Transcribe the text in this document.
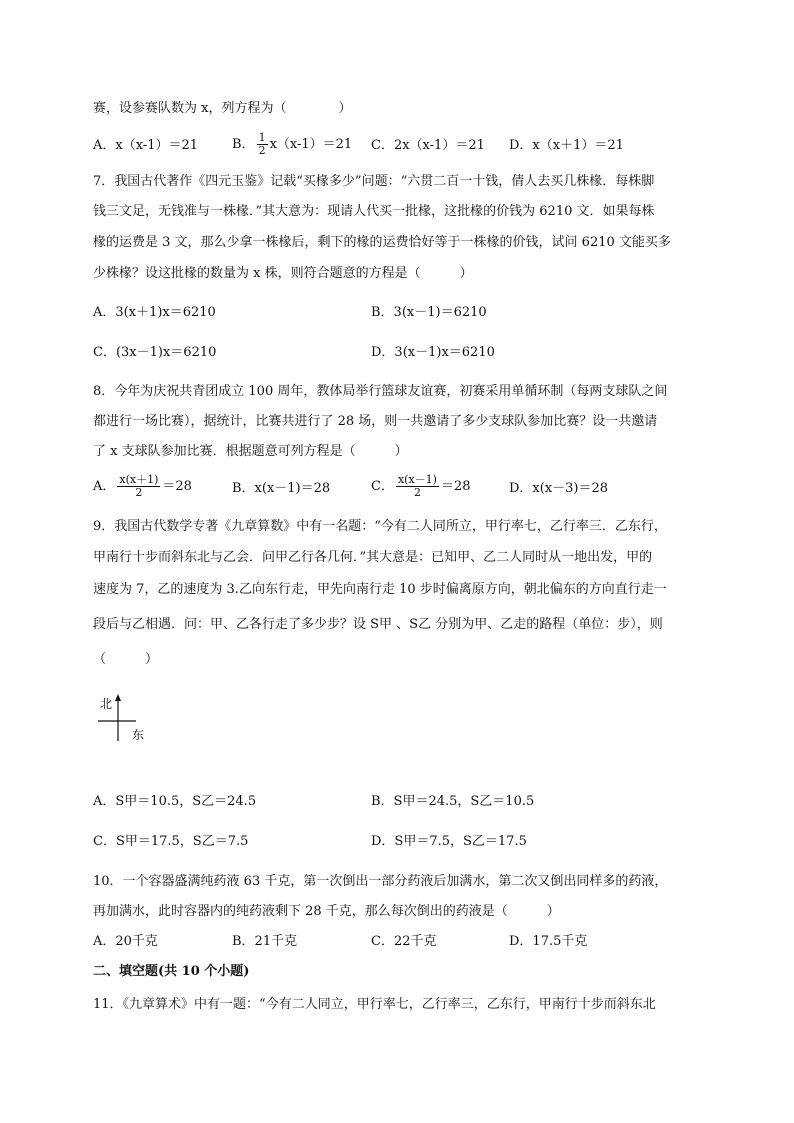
赛，设参赛队数为 x，列方程为（　　　　）
A．x（x-1）＝21	B． $\frac{1}{2} x(x-1)=21$ C．2x（x-1）＝21 D．x（x＋1）＝21
7．我国古代著作《四元玉鉴》记载“买椽多少”问题：“六贯二百一十钱，倩人去买几株椽．每株脚
钱三文足，无钱准与一株椽．”其大意为：现请人代买一批椽，这批椽的价钱为 6210 文．如果每株
椽的运费是 3 文，那么少拿一株椽后，剩下的椽的运费恰好等于一株椽的价钱，试问 6210 文能买多
少株椽？设这批椽的数量为 x 株，则符合题意的方程是（　　　）
A．3(x＋1)x＝6210	B．3(x－1)＝6210
C．(3x－1)x＝6210	D．3(x－1)x＝6210
8．今年为庆祝共青团成立 100 周年，教体局举行篮球友谊赛，初赛采用单循环制（每两支球队之间
都进行一场比赛），据统计，比赛共进行了 28 场，则一共邀请了多少支球队参加比赛？设一共邀请
了 x 支球队参加比赛．根据题意可列方程是（　　　）
A． $\frac{x(x+1)}{2} =28$	B．x(x－1)＝28	C． $\frac{x(x-1)}{2} =28$	D．x(x－3)＝28
9．我国古代数学专著《九章算数》中有一名题：“今有二人同所立，甲行率七，乙行率三．乙东行，
甲南行十步而斜东北与乙会．问甲乙行各几何．”其大意是：已知甲、乙二人同时从一地出发，甲的
速度为 7，乙的速度为 3.乙向东行走，甲先向南行走 10 步时偏离原方向，朝北偏东的方向直行走一
段后与乙相遇．问：甲、乙各行走了多少步？设 S甲 、S乙 分别为甲、乙走的路程（单位：步），则
（　　　）
北
东
A．S甲＝10.5，S乙＝24.5	B．S甲＝24.5，S乙＝10.5
C．S甲＝17.5，S乙＝7.5	D．S甲＝7.5，S乙＝17.5
10．一个容器盛满纯药液 63 千克，第一次倒出一部分药液后加满水，第二次又倒出同样多的药液，
再加满水，此时容器内的纯药液剩下 28 千克，那么每次倒出的药液是（　　　）
A．20千克	B．21千克	C．22千克	D．17.5千克
二、填空题(共 10 个小题)
11．《九章算术》中有一题：“今有二人同立，甲行率七，乙行率三，乙东行，甲南行十步而斜东北
